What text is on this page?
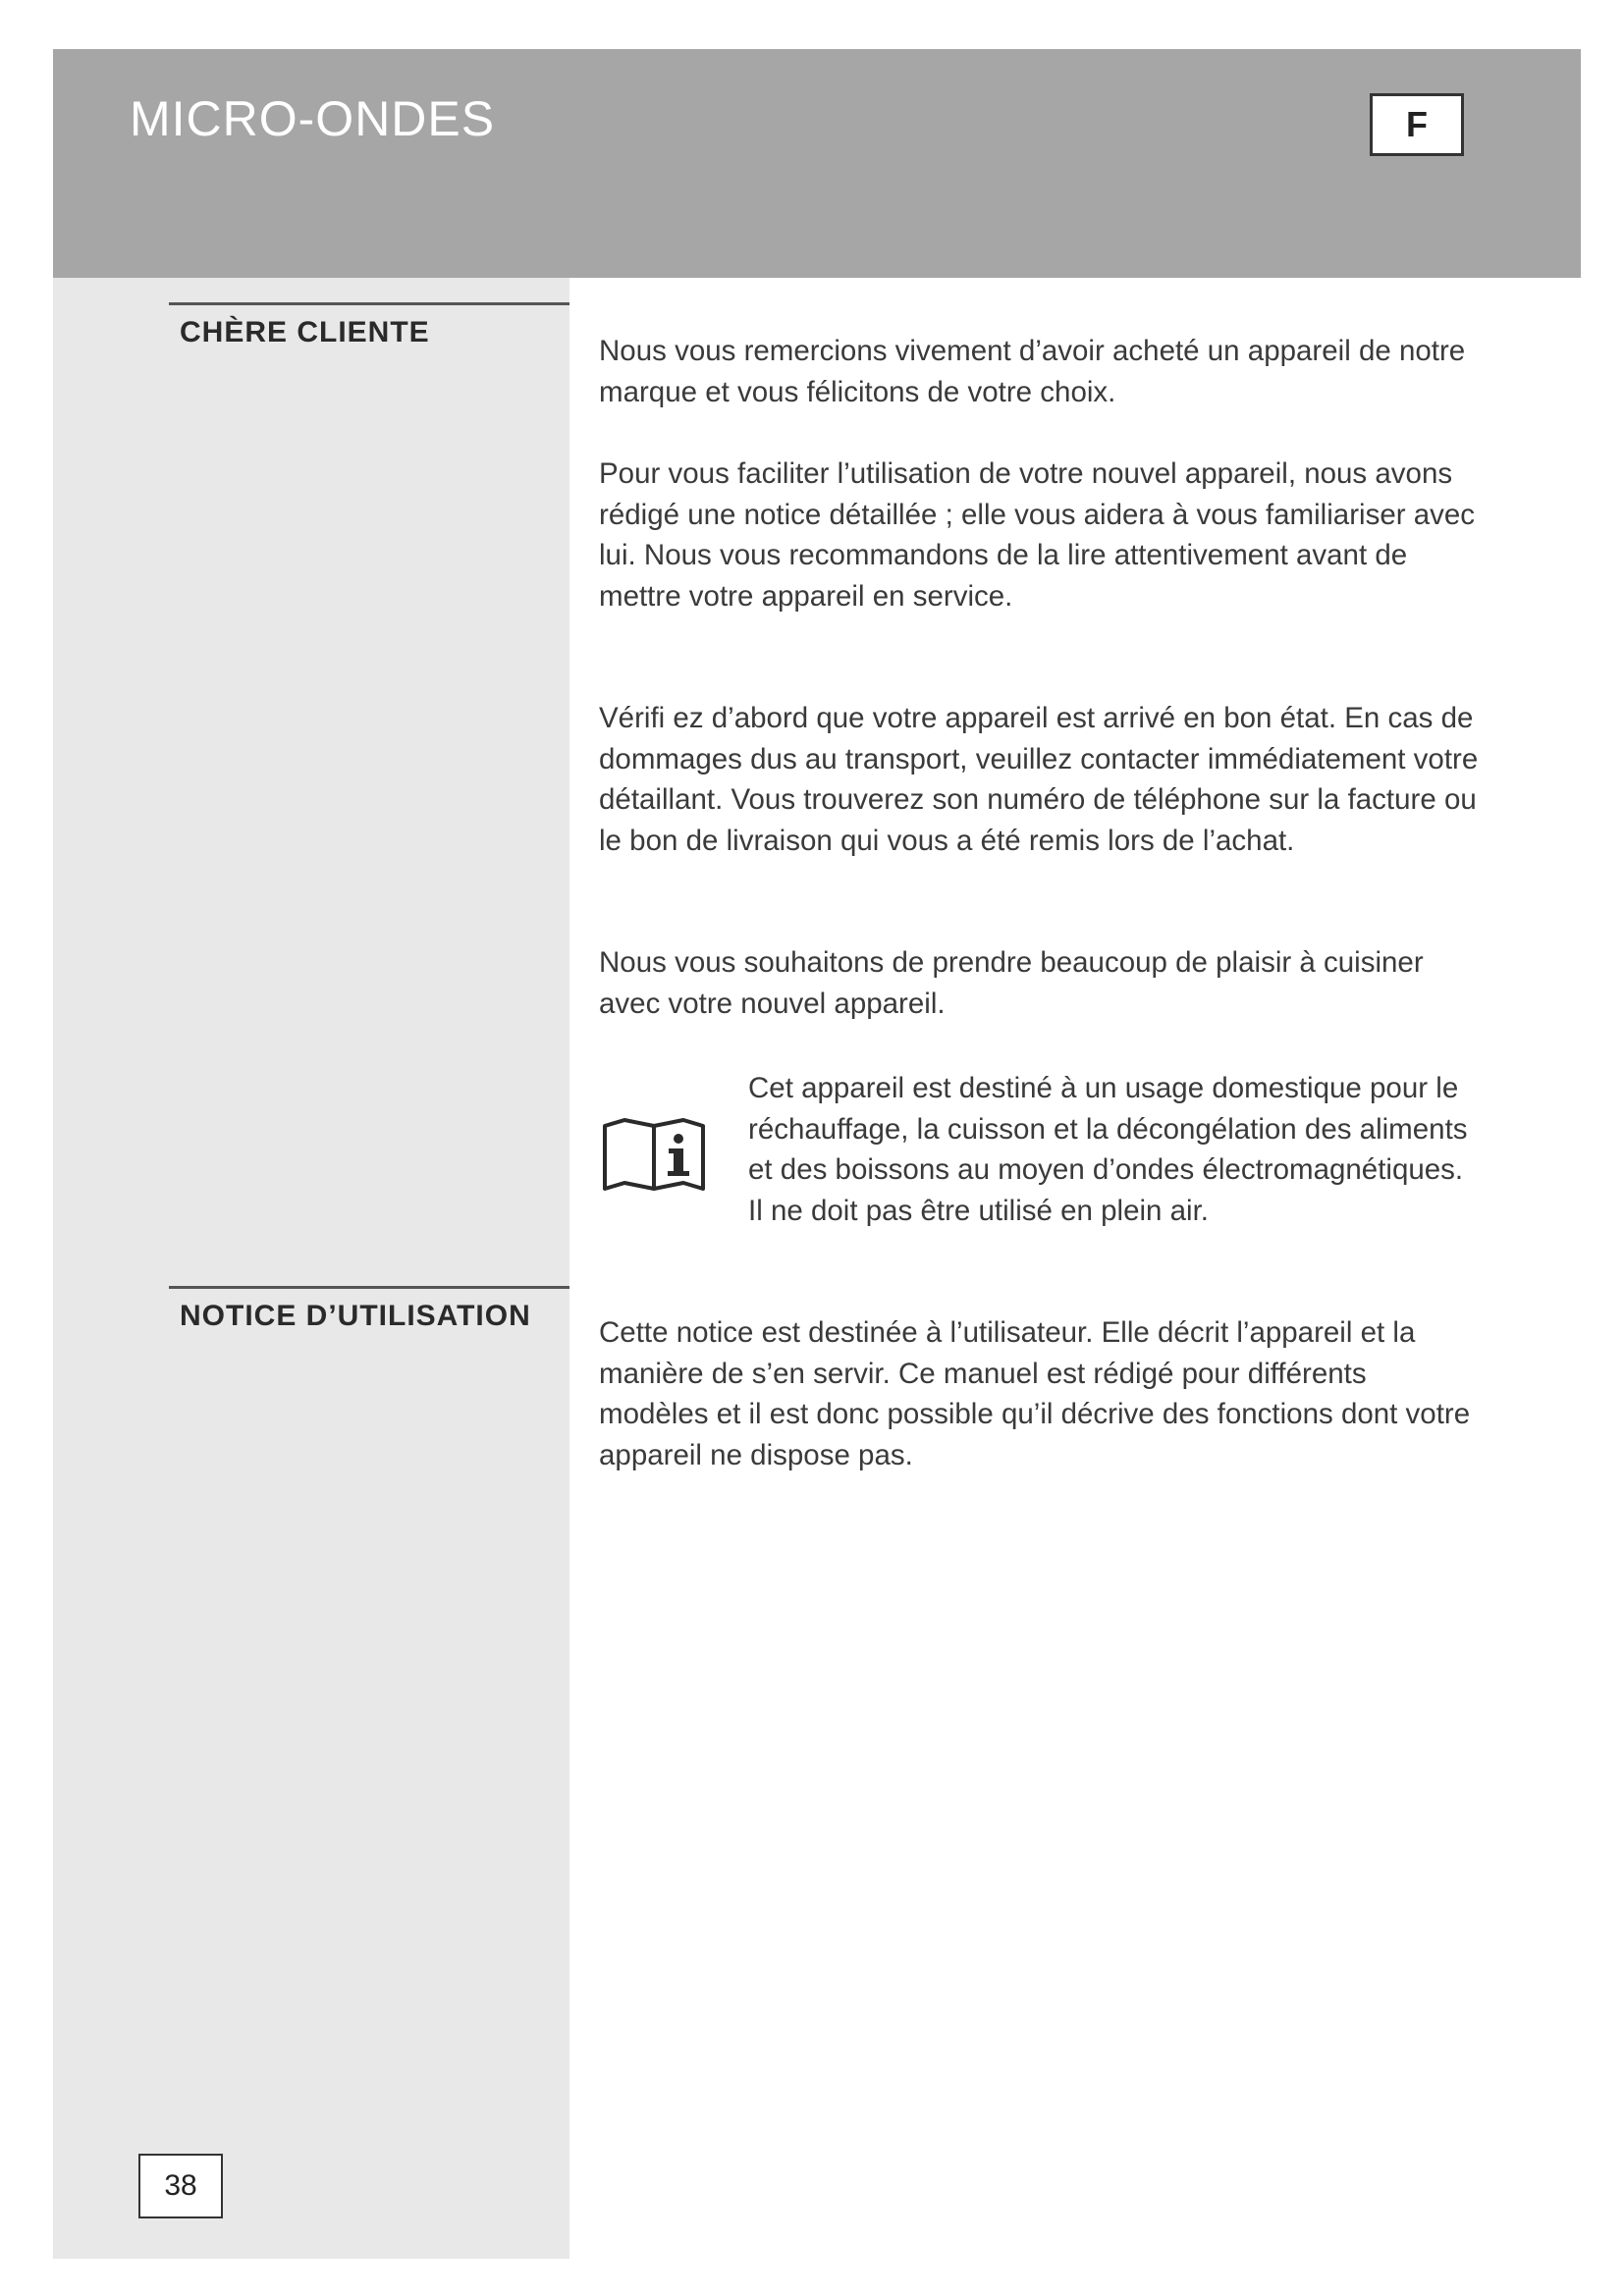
MICRO-ONDES	F
CHÈRE CLIENTE
NOTICE D’UTILISATION

Nous vous remercions vivement d’avoir acheté un appareil de notre marque et vous félicitons de votre choix.

Pour vous faciliter l’utilisation de votre nouvel appareil, nous avons rédigé une notice détaillée ; elle vous aidera à vous familiariser avec lui. Nous vous recommandons de la lire attentivement avant de mettre votre appareil en service.

Vérifi ez d’abord que votre appareil est arrivé en bon état. En cas de dommages dus au transport, veuillez contacter immédiatement votre détaillant. Vous trouverez son numéro de téléphone sur la facture ou le bon de livraison qui vous a été remis lors de l’achat.

Nous vous souhaitons de prendre beaucoup de plaisir à cuisiner avec votre nouvel appareil.

Cet appareil est destiné à un usage domestique pour le réchauffage, la cuisson et la décongélation des aliments et des boissons au moyen d’ondes électromagnétiques.

Il ne doit pas être utilisé en plein air.

Cette notice est destinée à l’utilisateur. Elle décrit l’appareil et la manière de s’en servir. Ce manuel est rédigé pour différents modèles et il est donc possible qu’il décrive des fonctions dont votre appareil ne dispose pas.

38
